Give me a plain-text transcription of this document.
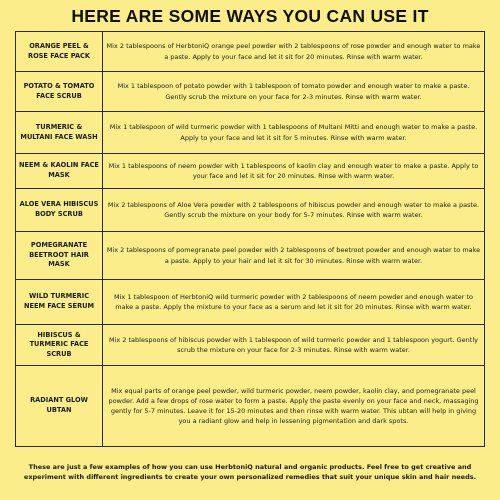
HERE ARE SOME WAYS YOU CAN USE IT
ORANGE PEEL & ROSE FACE PACK	Mix 2 tablespoons of HerbtoniQ orange peel powder with 2 tablespoons of rose powder and enough water to make a paste. Apply to your face and let it sit for 20 minutes. Rinse with warm water.
POTATO & TOMATO FACE SCRUB	Mix 1 tablespoon of potato powder with 1 tablespoon of tomato powder and enough water to make a paste. Gently scrub the mixture on your face for 2-3 minutes. Rinse with warm water.
TURMERIC & MULTANI FACE WASH	Mix 1 tablespoon of wild turmeric powder with 1 tablespoons of Multani Mitti and enough water to make a paste. Apply to your face and let it sit for 5 minutes. Rinse with warm water.
NEEM & KAOLIN FACE MASK	Mix 1 tablespoons of neem powder with 1 tablespoons of kaolin clay and enough water to make a paste. Apply to your face and let it sit for 20 minutes. Rinse with warm water.
ALOE VERA HIBISCUS BODY SCRUB	Mix 2 tablespoons of Aloe Vera powder with 2 tablespoons of hibiscus powder and enough water to make a paste. Gently scrub the mixture on your body for 5-7 minutes. Rinse with warm water.
POMEGRANATE BEETROOT HAIR MASK	Mix 2 tablespoons of pomegranate peel powder with 2 tablespoons of beetroot powder and enough water to make a paste. Apply to your hair and let it sit for 30 minutes. Rinse with warm water.
WILD TURMERIC NEEM FACE SERUM	Mix 1 tablespoon of HerbtoniQ wild turmeric powder with 2 tablespoons of neem powder and enough water to make a paste. Apply the mixture to your face as a serum and let it sit for 20 minutes. Rinse with warm water.
HIBISCUS & TURMERIC FACE SCRUB	Mix 2 tablespoons of hibiscus powder with 1 tablespoon of wild turmeric powder and 1 tablespoon yogurt. Gently scrub the mixture on your face for 2-3 minutes. Rinse with warm water.
RADIANT GLOW UBTAN	Mix equal parts of orange peel powder, wild turmeric powder, neem powder, kaolin clay, and pomegranate peel powder. Add a few drops of rose water to form a paste. Apply the paste evenly on your face and neck, massaging gently for 5-7 minutes. Leave it for 15-20 minutes and then rinse with warm water. This ubtan will help in giving you a radiant glow and help in lessening pigmentation and dark spots.
These are just a few examples of how you can use HerbtoniQ natural and organic products. Feel free to get creative and experiment with different ingredients to create your own personalized remedies that suit your unique skin and hair needs.
